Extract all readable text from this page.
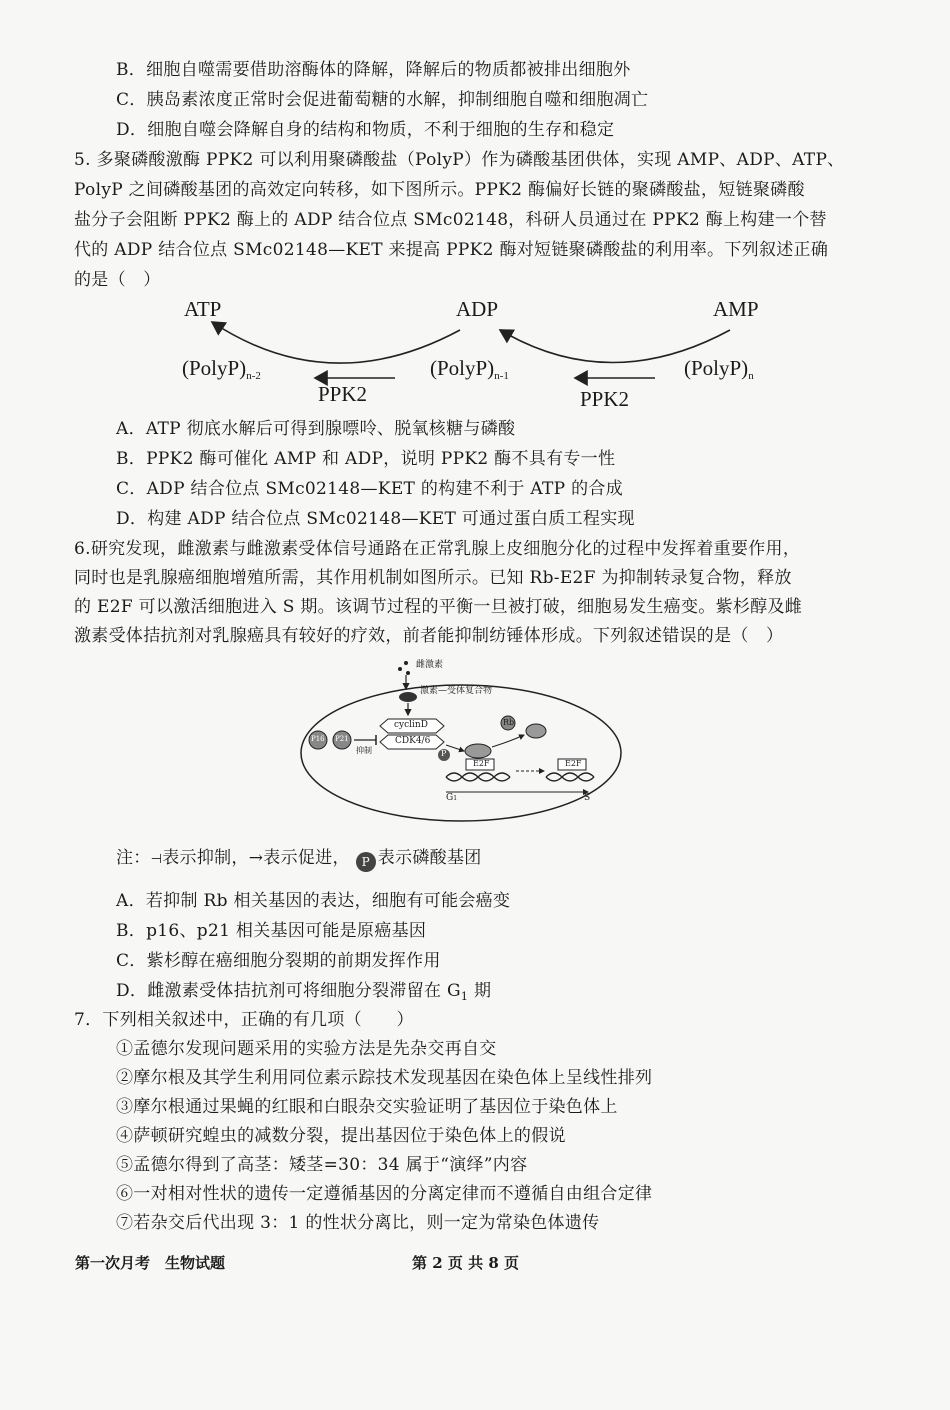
B．细胞自噬需要借助溶酶体的降解，降解后的物质都被排出细胞外
C．胰岛素浓度正常时会促进葡萄糖的水解，抑制细胞自噬和细胞凋亡
D．细胞自噬会降解自身的结构和物质，不利于细胞的生存和稳定
5. 多聚磷酸激酶 PPK2 可以利用聚磷酸盐（PolyP）作为磷酸基团供体，实现 AMP、ADP、ATP、
PolyP 之间磷酸基团的高效定向转移，如下图所示。PPK2 酶偏好长链的聚磷酸盐，短链聚磷酸
盐分子会阻断 PPK2 酶上的 ADP 结合位点 SMc02148，科研人员通过在 PPK2 酶上构建一个替
代的 ADP 结合位点 SMc02148—KET 来提高 PPK2 酶对短链聚磷酸盐的利用率。下列叙述正确
的是（　）
ATP	ADP	AMP
$(PolyP)_{n-2}$	$(PolyP)_{n-1}$	$(PolyP)_n$
PPK2	PPK2
A．ATP 彻底水解后可得到腺嘌呤、脱氧核糖与磷酸
B．PPK2 酶可催化 AMP 和 ADP，说明 PPK2 酶不具有专一性
C．ADP 结合位点 SMc02148—KET 的构建不利于 ATP 的合成
D．构建 ADP 结合位点 SMc02148—KET 可通过蛋白质工程实现
6.研究发现，雌激素与雌激素受体信号通路在正常乳腺上皮细胞分化的过程中发挥着重要作用，
同时也是乳腺癌细胞增殖所需，其作用机制如图所示。已知 Rb-E2F 为抑制转录复合物，释放
的 E2F 可以激活细胞进入 S 期。该调节过程的平衡一旦被打破，细胞易发生癌变。紫杉醇及雌
激素受体拮抗剂对乳腺癌具有较好的疗效，前者能抑制纺锤体形成。下列叙述错误的是（　）
雌激素
激素—受体复合物
cyclinD
CDK4/6
P16 P21
抑制
Rb
P
E2F	E2F
G1	S
注：⊣表示抑制，→表示促进， P 表示磷酸基团
A．若抑制 Rb 相关基因的表达，细胞有可能会癌变
B．p16、p21 相关基因可能是原癌基因
C．紫杉醇在癌细胞分裂期的前期发挥作用
D．雌激素受体拮抗剂可将细胞分裂滞留在 $G_1$ 期
7．下列相关叙述中，正确的有几项（　　）
①孟德尔发现问题采用的实验方法是先杂交再自交
②摩尔根及其学生利用同位素示踪技术发现基因在染色体上呈线性排列
③摩尔根通过果蝇的红眼和白眼杂交实验证明了基因位于染色体上
④萨顿研究蝗虫的减数分裂，提出基因位于染色体上的假说
⑤孟德尔得到了高茎：矮茎=30：34 属于“演绎”内容
⑥一对相对性状的遗传一定遵循基因的分离定律而不遵循自由组合定律
⑦若杂交后代出现 3：1 的性状分离比，则一定为常染色体遗传
第一次月考　生物试题	第 2 页 共 8 页
